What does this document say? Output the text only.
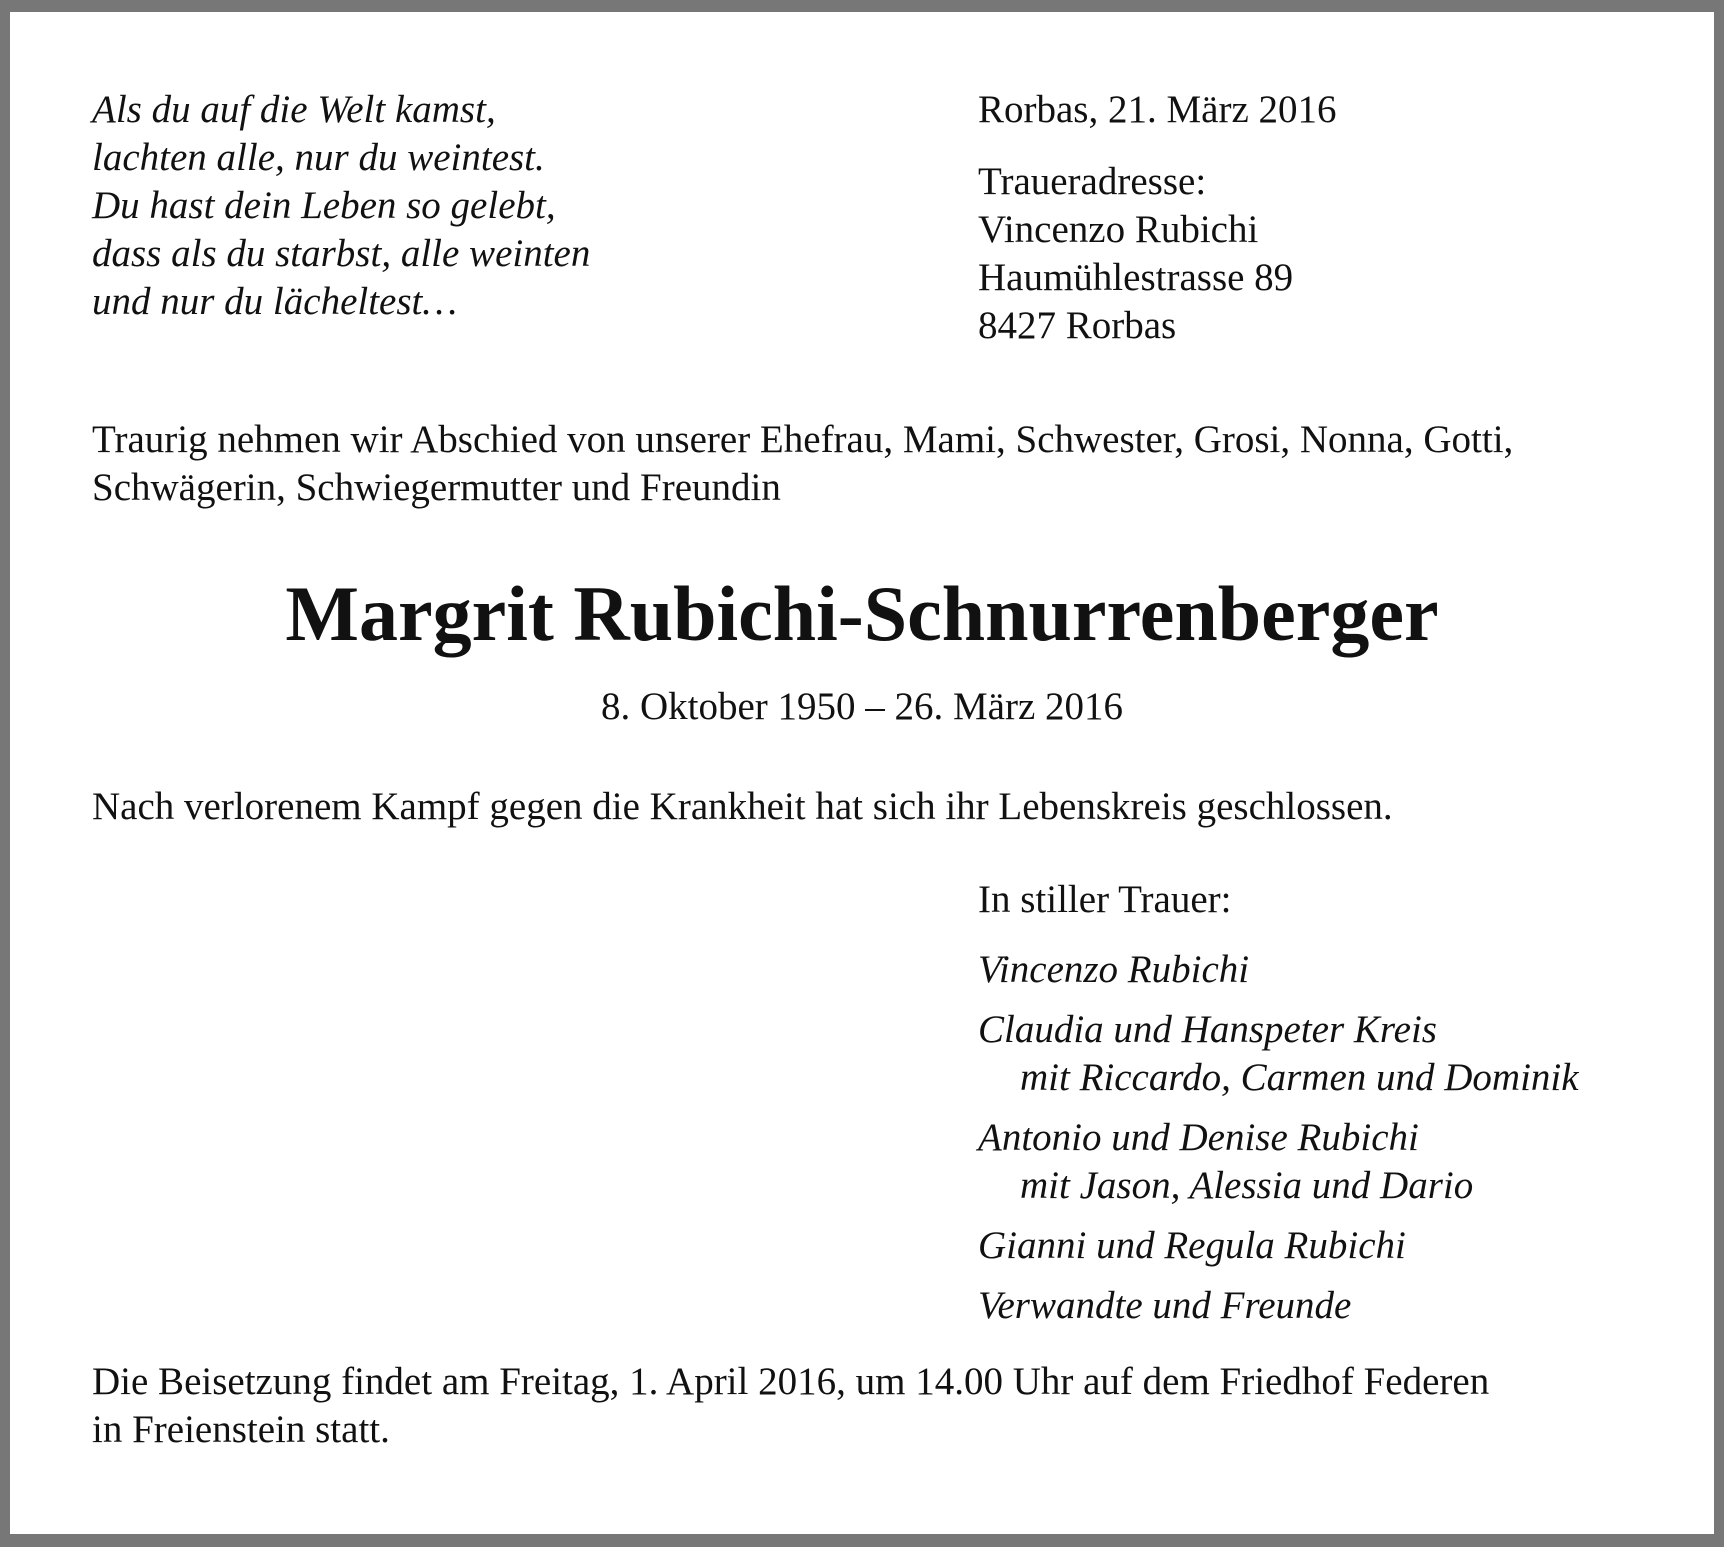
Als du auf die Welt kamst,
lachten alle, nur du weintest.
Du hast dein Leben so gelebt,
dass als du starbst, alle weinten
und nur du lächeltest…
Rorbas, 21. März 2016
Traueradresse:
Vincenzo Rubichi
Haumühlestrasse 89
8427 Rorbas
Traurig nehmen wir Abschied von unserer Ehefrau, Mami, Schwester, Grosi, Nonna, Gotti,
Schwägerin, Schwiegermutter und Freundin
Margrit Rubichi-Schnurrenberger
8. Oktober 1950 – 26. März 2016
Nach verlorenem Kampf gegen die Krankheit hat sich ihr Lebenskreis geschlossen.
In stiller Trauer:
Vincenzo Rubichi
Claudia und Hanspeter Kreis
mit Riccardo, Carmen und Dominik
Antonio und Denise Rubichi
mit Jason, Alessia und Dario
Gianni und Regula Rubichi
Verwandte und Freunde
Die Beisetzung findet am Freitag, 1. April 2016, um 14.00 Uhr auf dem Friedhof Federen
in Freienstein statt.
